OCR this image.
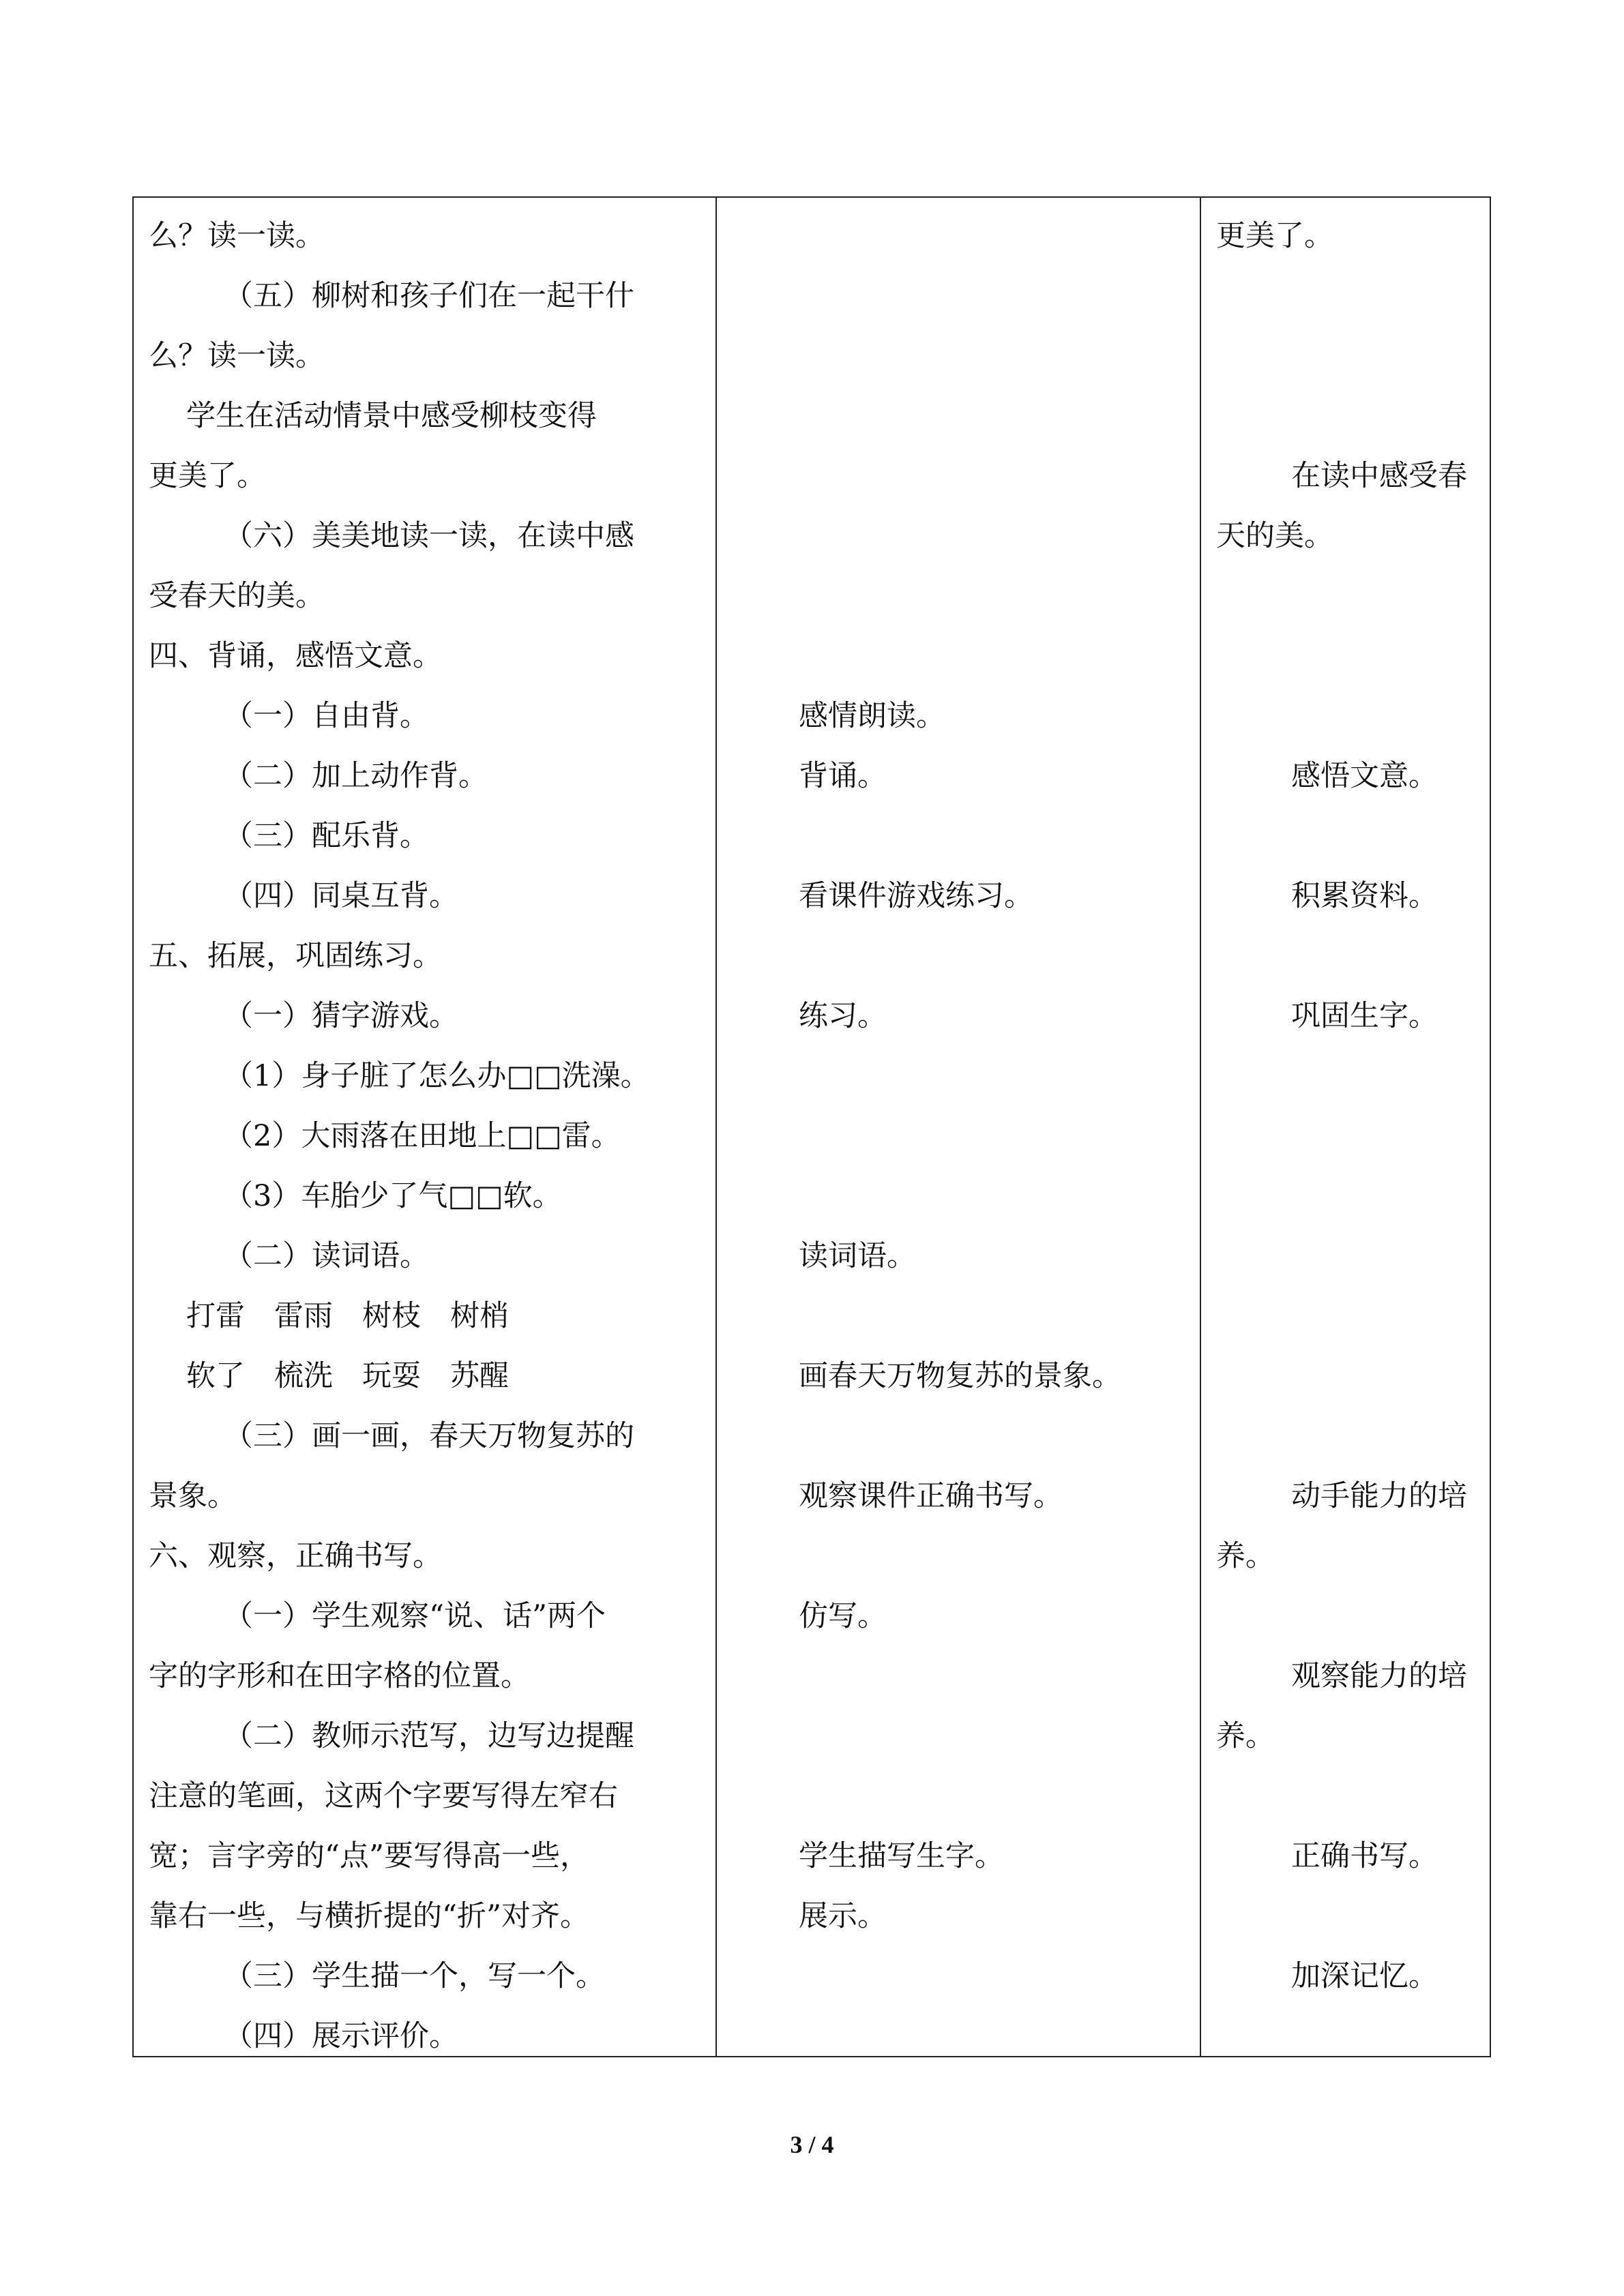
么？读一读。
（五）柳树和孩子们在一起干什
么？读一读。
学生在活动情景中感受柳枝变得
更美了。
（六）美美地读一读，在读中感
受春天的美。
四、背诵，感悟文意。
（一）自由背。
（二）加上动作背。
（三）配乐背。
（四）同桌互背。
五、拓展，巩固练习。
（一）猜字游戏。
（1）身子脏了怎么办□□洗澡。
（2）大雨落在田地上□□雷。
（3）车胎少了气□□软。
（二）读词语。
打雷　雷雨　树枝　树梢
软了　梳洗　玩耍　苏醒
（三）画一画，春天万物复苏的
景象。
六、观察，正确书写。
（一）学生观察“说、话”两个
字的字形和在田字格的位置。
（二）教师示范写，边写边提醒
注意的笔画，这两个字要写得左窄右
宽；言字旁的“点”要写得高一些，
靠右一些，与横折提的“折”对齐。
（三）学生描一个，写一个。
（四）展示评价。
感情朗读。
背诵。
看课件游戏练习。
练习。
读词语。
画春天万物复苏的景象。
观察课件正确书写。
仿写。
学生描写生字。
展示。
更美了。
在读中感受春
天的美。
感悟文意。
积累资料。
巩固生字。
动手能力的培
养。
观察能力的培
养。
正确书写。
加深记忆。
3 / 4
